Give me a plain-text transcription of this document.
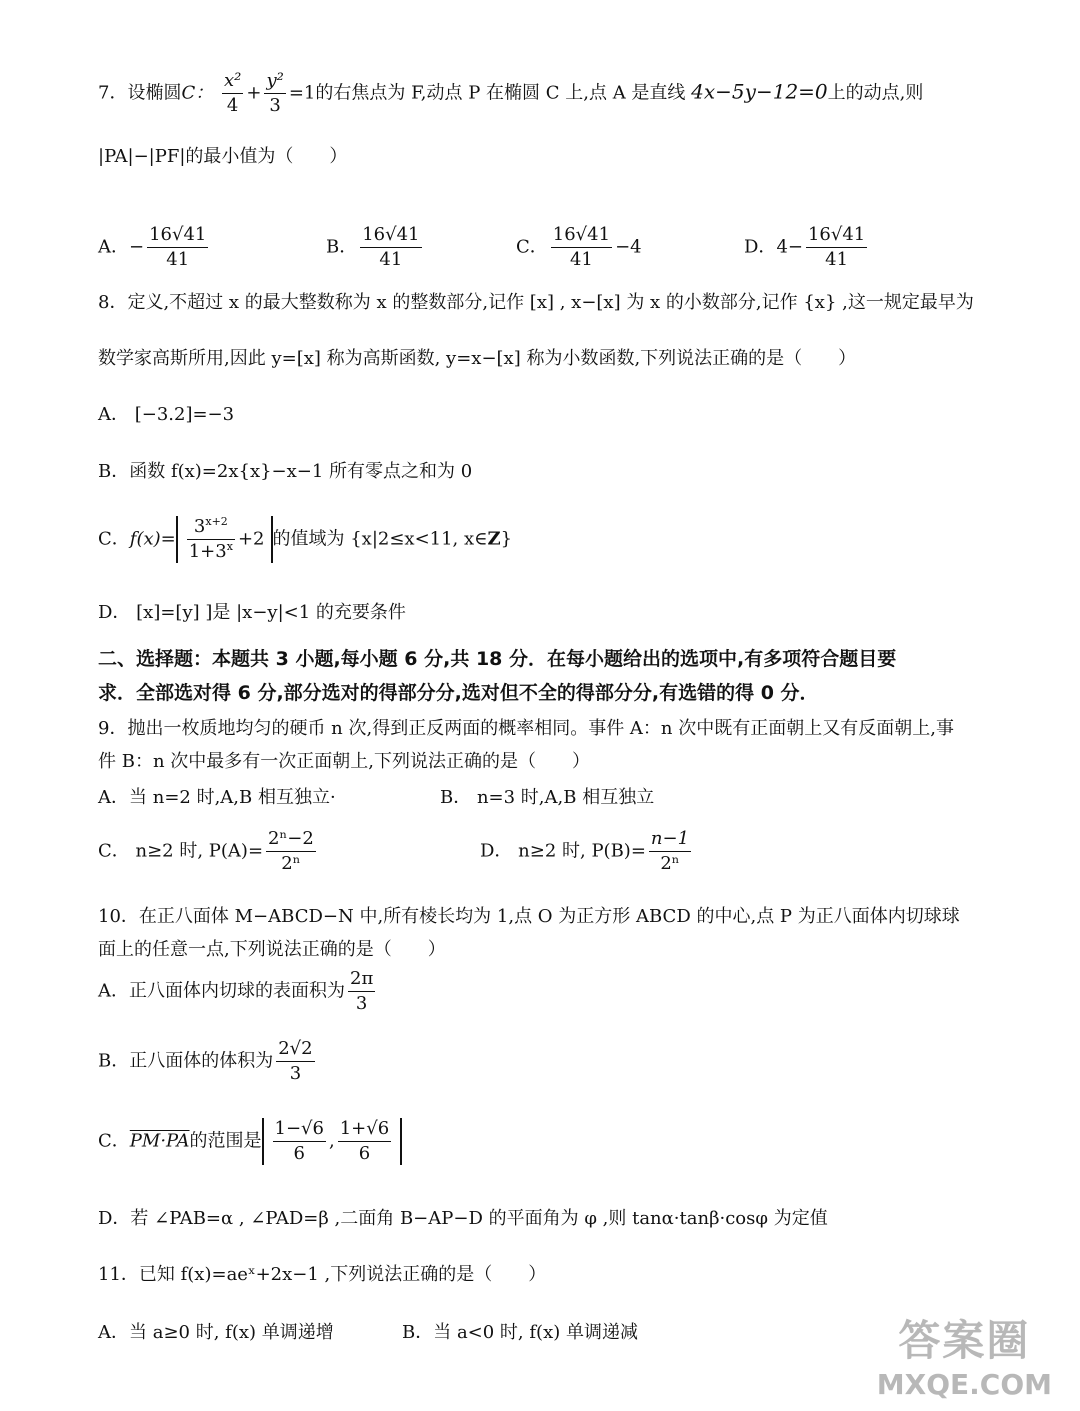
7．设椭圆C： $\frac{\text{x²}}{4} + \frac{\text{y²}}{3} =1$的右焦点为 F,动点 P 在椭圆 C 上,点 A 是直线 4x−5y−12=0上的动点,则
|PA|−|PF|的最小值为（　　）
A．− $\frac{16√41}{41}$	B． $\frac{16√41}{41}$	C． $\frac{16√41}{41} -4$	D．$4- \frac{16√41}{41}$
8．定义,不超过 x 的最大整数称为 x 的整数部分,记作 [x] , x−[x] 为 x 的小数部分,记作 {x} ,这一规定最早为
数学家高斯所用,因此 y=[x] 称为高斯函数, y=x−[x] 称为小数函数,下列说法正确的是（　　）
A． [−3.2]=−3
B．函数 f(x)=2x{x}−x−1 所有零点之和为 0
C．$f(x)= \frac{3^{x+2}}{1+3^x} +2$ 的值域为 {x|2≤x<11, x∈Z}
D． [x]=[y] ]是 |x−y|<1 的充要条件
二、选择题：本题共 3 小题,每小题 6 分,共 18 分．在每小题给出的选项中,有多项符合题目要
求．全部选对得 6 分,部分选对的得部分分,选对但不全的得部分分,有选错的得 0 分．
9．抛出一枚质地均匀的硬币 n 次,得到正反两面的概率相同。事件 A：n 次中既有正面朝上又有反面朝上,事
件 B：n 次中最多有一次正面朝上,下列说法正确的是（　　）
A．当 n=2 时,A,B 相互独立·	B． n=3 时,A,B 相互独立
C． n≥2 时, $P(A)= \frac{\text{2ⁿ−2}}{\text{2ⁿ}}$	D． n≥2 时, $P(B)= \frac{n-1}{\text{2ⁿ}}$
10．在正八面体 M−ABCD−N 中,所有棱长均为 1,点 O 为正方形 ABCD 的中心,点 P 为正八面体内切球球
面上的任意一点,下列说法正确的是（　　）
A．正八面体内切球的表面积为 $\frac{2\pi}{3}$
B．正八面体的体积为 $\frac{2√2}{3}$
C．PM·PA的范围是 $\frac{1-√6}{6}$ , $\frac{1+√6}{6}$
D．若 ∠PAB=α , ∠PAD=β ,二面角 B−AP−D 的平面角为 φ ,则 tanα·tanβ·cosφ 为定值
11．已知 f(x)=aeˣ+2x−1 ,下列说法正确的是（　　）
A．当 a≥0 时, f(x) 单调递增	B．当 a<0 时, f(x) 单调递减	答案圈
MXQE.COM
